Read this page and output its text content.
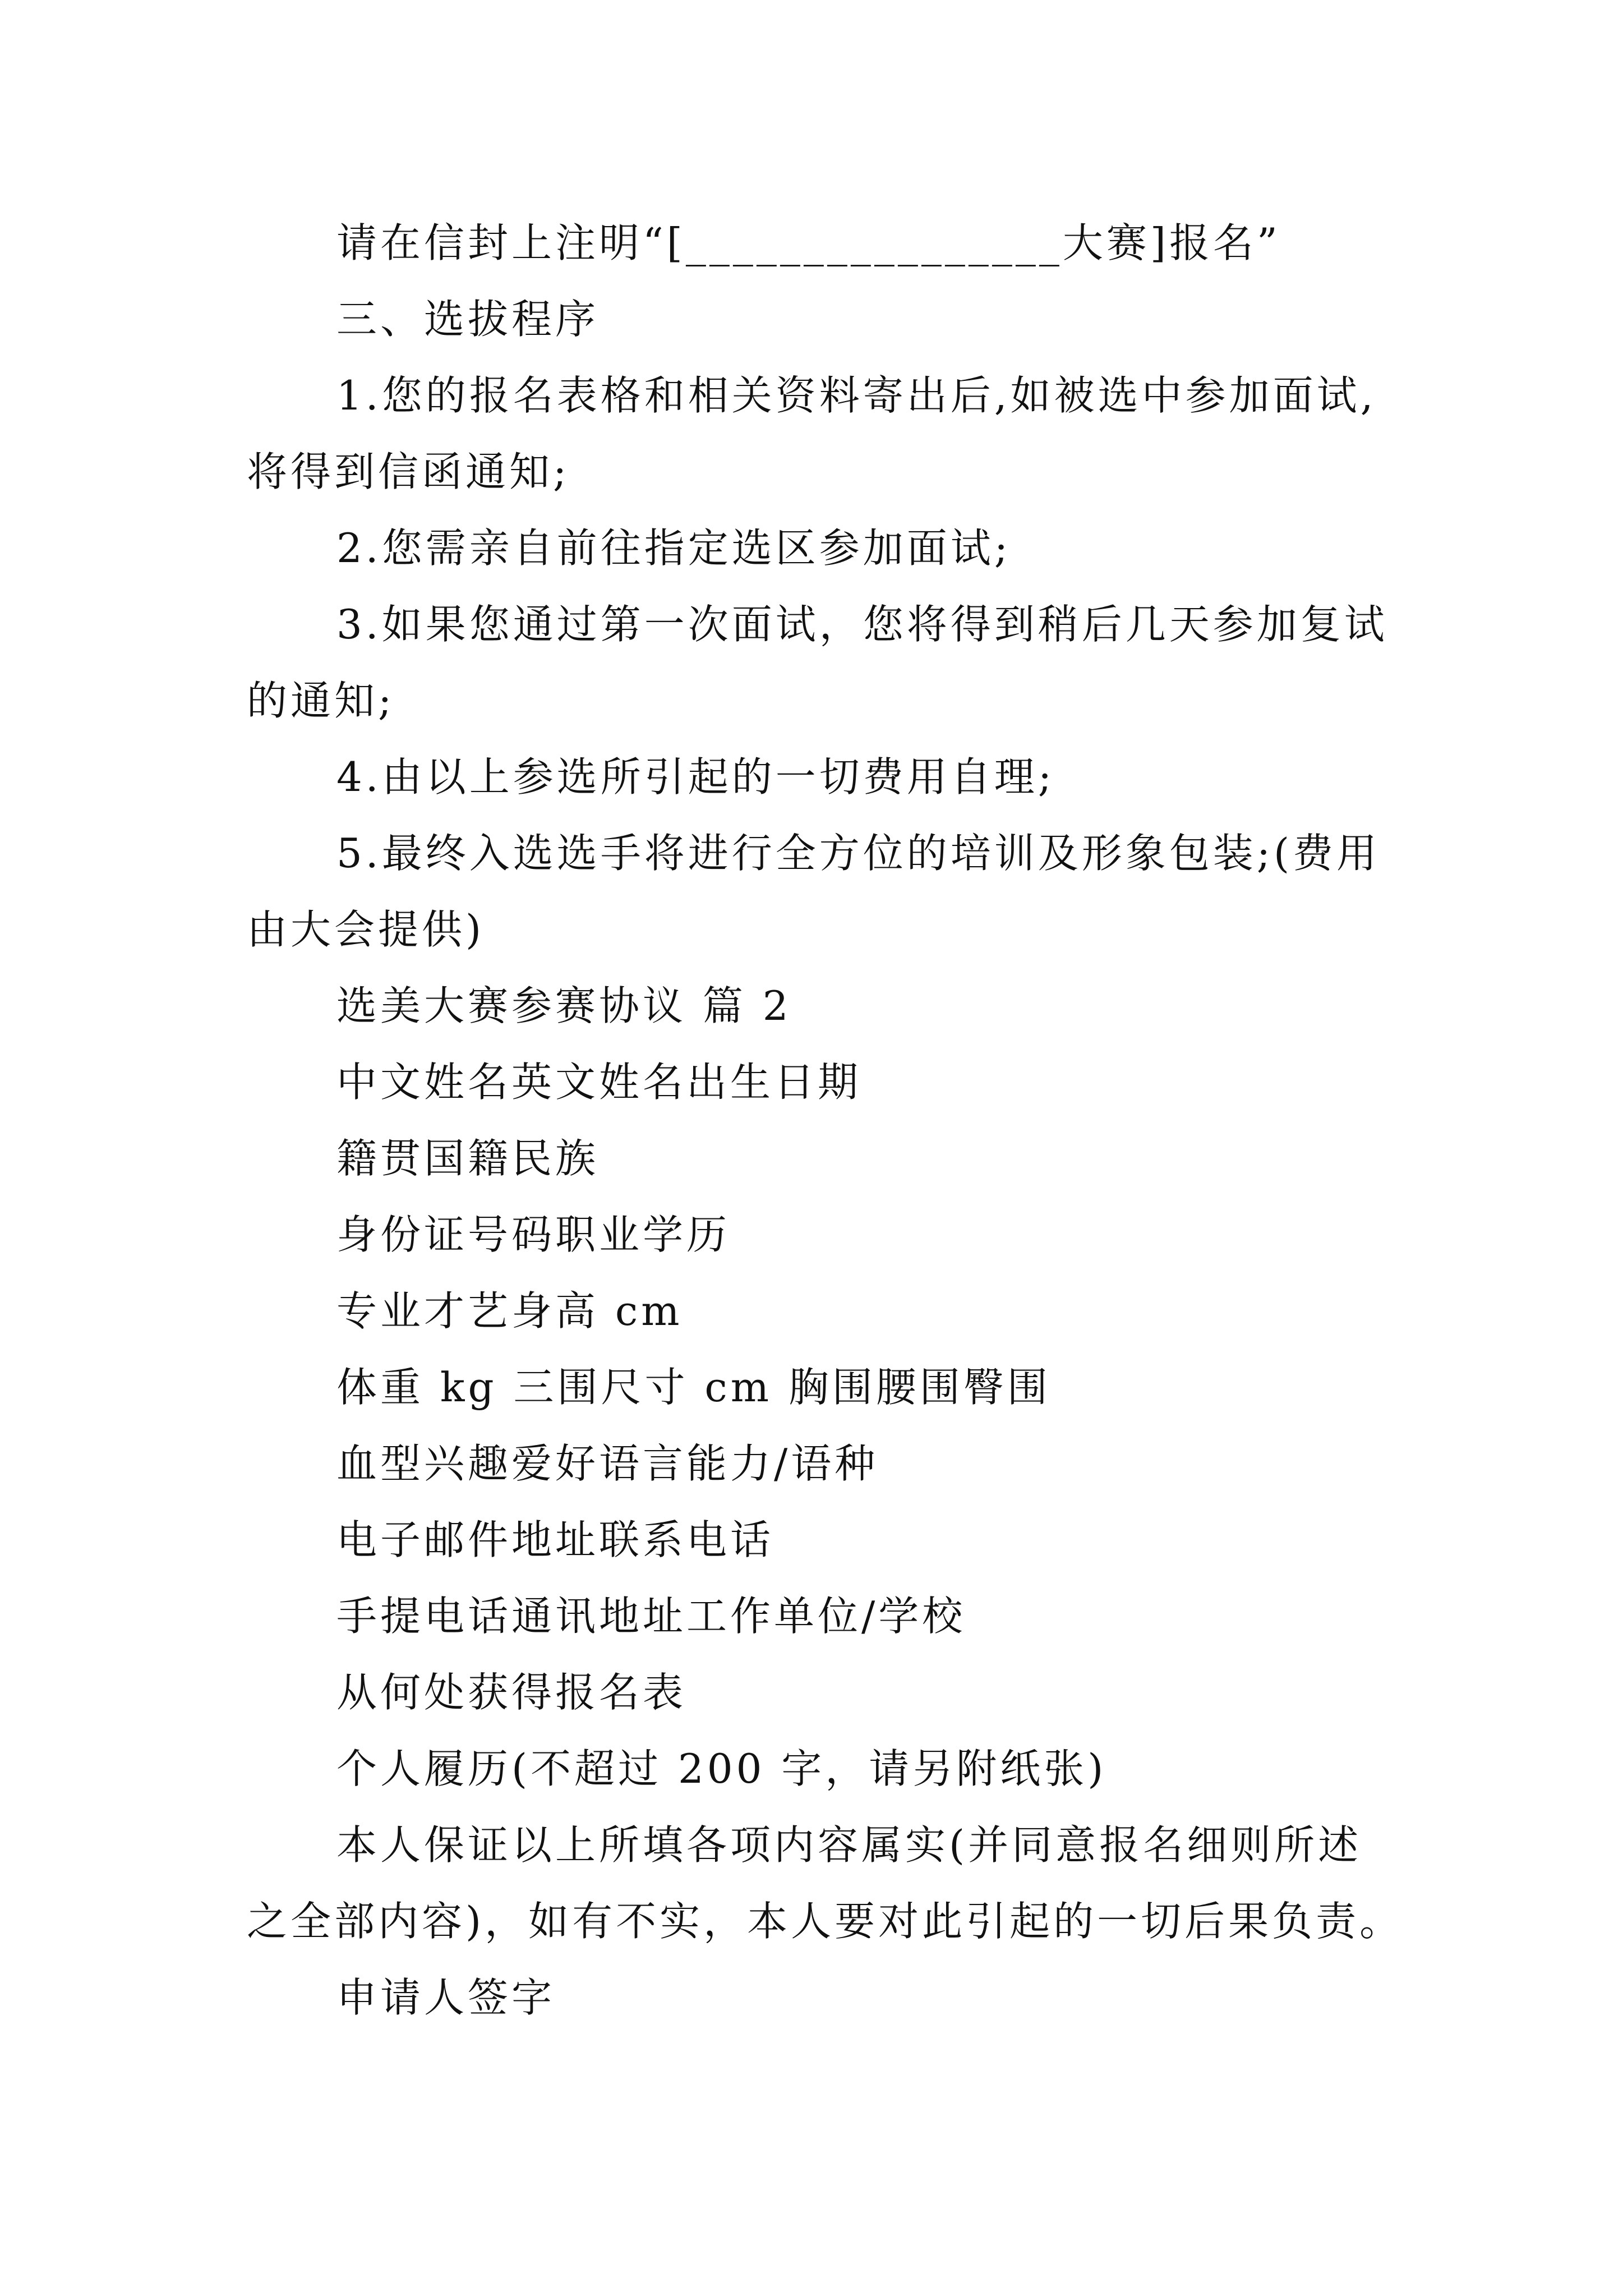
请在信封上注明“[________________大赛]报名”
三、选拔程序
1.您的报名表格和相关资料寄出后,如被选中参加面试,
将得到信函通知;
2.您需亲自前往指定选区参加面试;
3.如果您通过第一次面试，您将得到稍后几天参加复试
的通知;
4.由以上参选所引起的一切费用自理;
5.最终入选选手将进行全方位的培训及形象包装;(费用
由大会提供)
选美大赛参赛协议 篇 2
中文姓名英文姓名出生日期
籍贯国籍民族
身份证号码职业学历
专业才艺身高 cm
体重 kg 三围尺寸 cm 胸围腰围臀围
血型兴趣爱好语言能力/语种
电子邮件地址联系电话
手提电话通讯地址工作单位/学校
从何处获得报名表
个人履历(不超过 200 字，请另附纸张)
本人保证以上所填各项内容属实(并同意报名细则所述
之全部内容)，如有不实，本人要对此引起的一切后果负责。
申请人签字
